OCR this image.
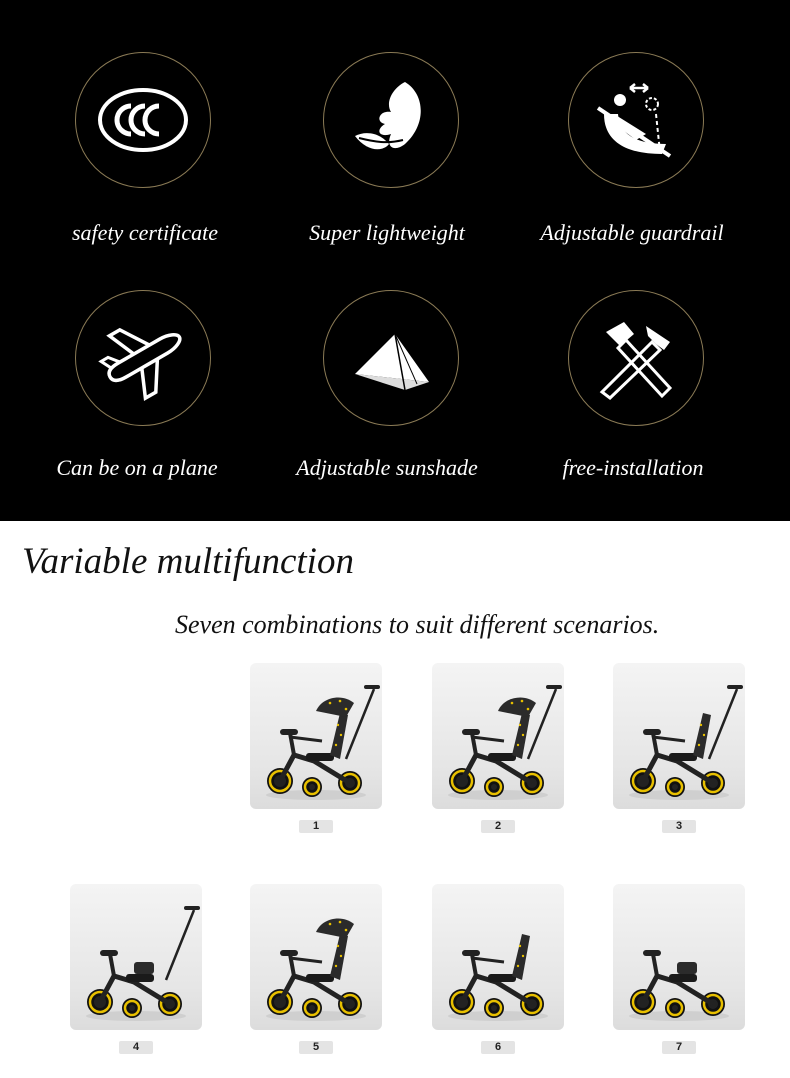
safety certificate	Super lightweight	Adjustable guardrail
Can be on a plane	Adjustable sunshade	free-installation
Variable multifunction
Seven combinations to suit different scenarios.
1	2	3
4	5	6	7
